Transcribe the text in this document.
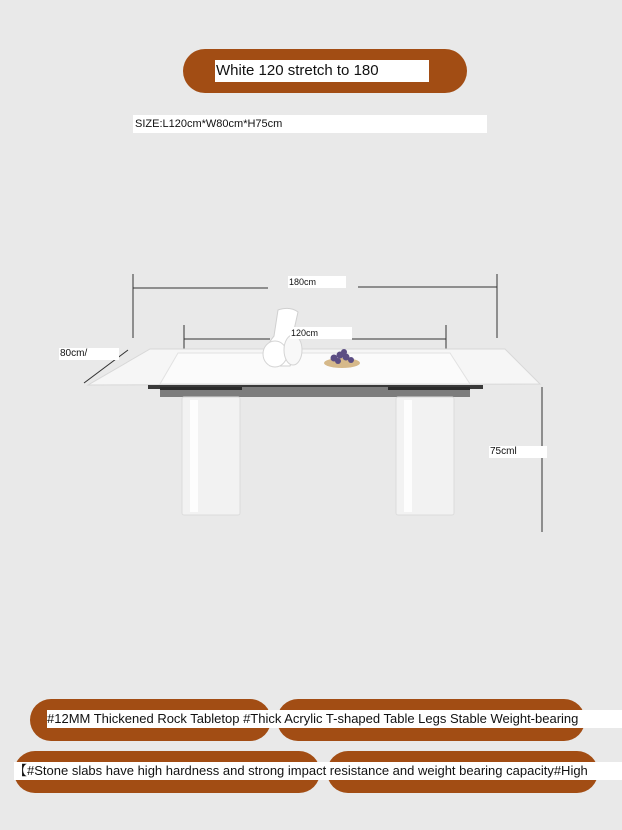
White 120 stretch to 180
SIZE:L120cm*W80cm*H75cm
180cm
120cm
80cm/
75cml
#12MM Thickened Rock Tabletop #Thick Acrylic T-shaped Table Legs Stable Weight-bearing
【#Stone slabs have high hardness and strong impact resistance and weight bearing capacity#High
